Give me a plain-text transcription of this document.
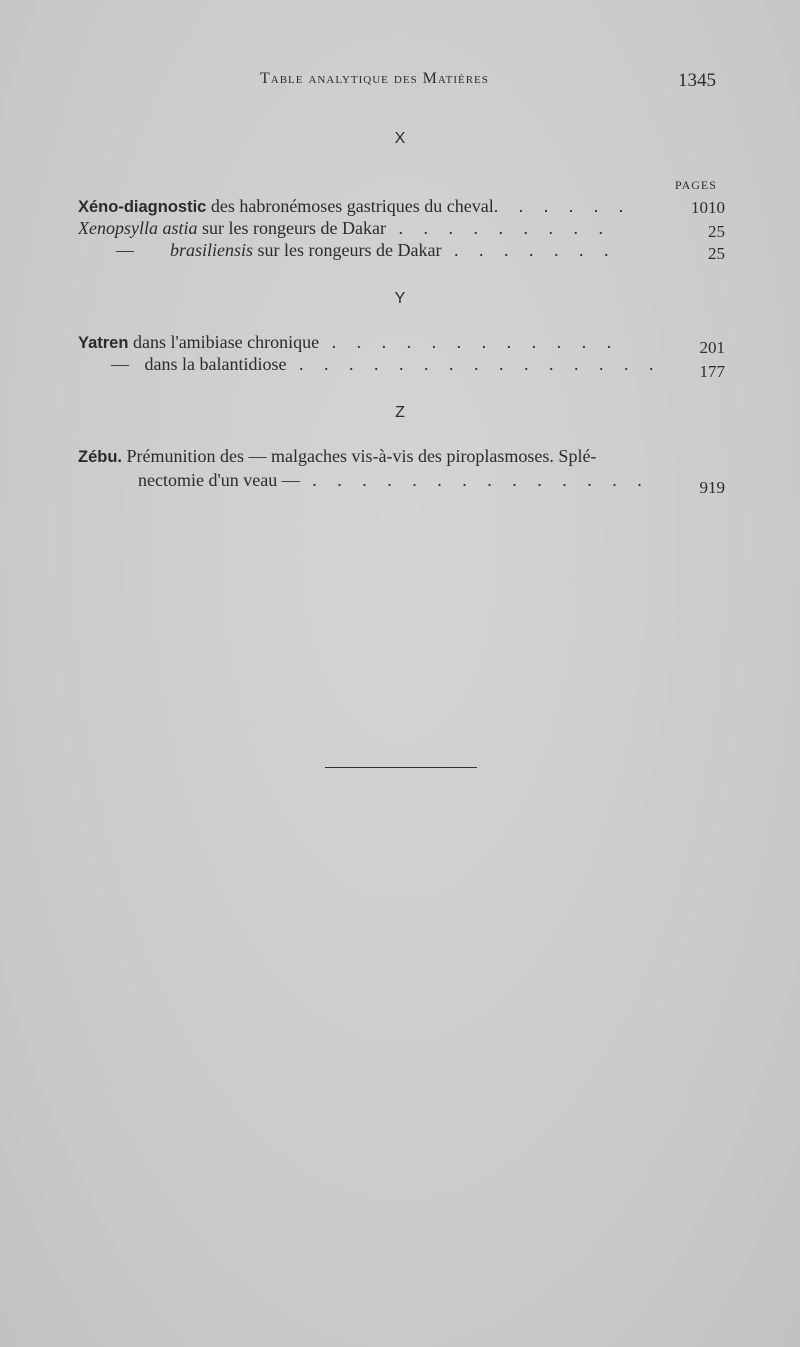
Table analytique des Matières	1345
X
PAGES
Xéno-diagnostic des habronémoses gastriques du cheval. . . . . .	1010
Xenopsylla astia sur les rongeurs de Dakar . . . . . . . . .	25
— brasiliensis sur les rongeurs de Dakar . . . . . . .	25
Y
Yatren dans l'amibiase chronique . . . . . . . . . . . .	201
— dans la balantidiose . . . . . . . . . . . . . . .	177
Z
Zébu. Prémunition des — malgaches vis-à-vis des piroplasmoses. Splé-
nectomie d'un veau — . . . . . . . . . . . . . .	919
